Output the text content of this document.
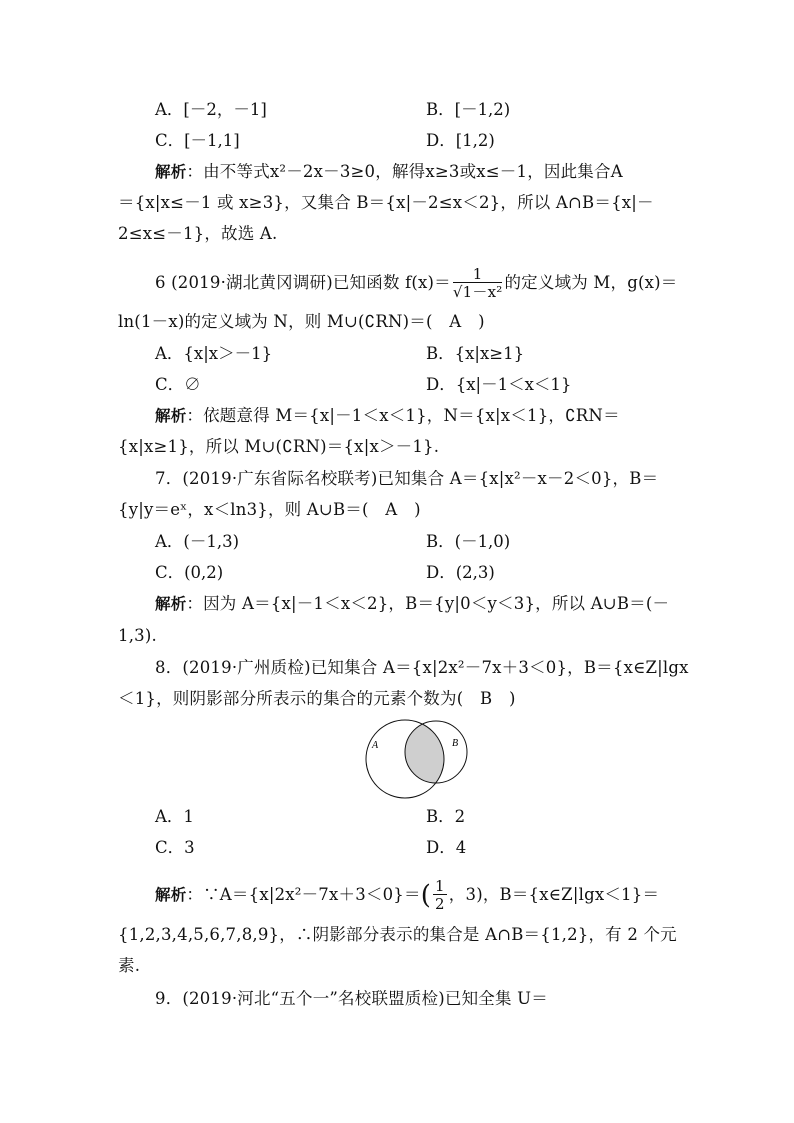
A．[－2，－1]	B．[－1,2)
C．[－1,1]	D．[1,2)
解析：由不等式x²－2x－3≥0，解得x≥3或x≤－1，因此集合A
＝{x|x≤－1 或 x≥3}，又集合 B＝{x|－2≤x＜2}，所以 A∩B＝{x|－
2≤x≤－1}，故选 A.
6 (2019·湖北黄冈调研)已知函数 $f(x)= \frac{1}{\text{√1－x²}}$ 的定义域为 M，g(x)＝
ln(1－x)的定义域为 N，则 M∪(∁RN)＝(　A　)
A．{x|x＞－1}	B．{x|x≥1}
C．∅	D．{x|－1＜x＜1}
解析：依题意得 M＝{x|－1＜x＜1}，N＝{x|x＜1}，∁RN＝
{x|x≥1}，所以 M∪(∁RN)＝{x|x＞－1}.
7．(2019·广东省际名校联考)已知集合 A＝{x|x²－x－2＜0}，B＝
{y|y＝eˣ，x＜ln3}，则 A∪B＝(　A　)
A．(－1,3)	B．(－1,0)
C．(0,2)	D．(2,3)
解析：因为 A＝{x|－1＜x＜2}，B＝{y|0＜y＜3}，所以 A∪B＝(－
1,3).
8．(2019·广州质检)已知集合 A＝{x|2x²－7x＋3＜0}，B＝{x∈Z|lgx
＜1}，则阴影部分所表示的集合的元素个数为(　B　)
A	B
A．1	B．2
C．3	D．4
解析：∵A＝{x|2x²－7x＋3＜0}＝( $\frac{1}{2}$ ，3)，B＝{x∈Z|lgx＜1}＝
{1,2,3,4,5,6,7,8,9}，∴阴影部分表示的集合是 A∩B＝{1,2}，有 2 个元
素.
9．(2019·河北“五个一”名校联盟质检)已知全集 U＝
